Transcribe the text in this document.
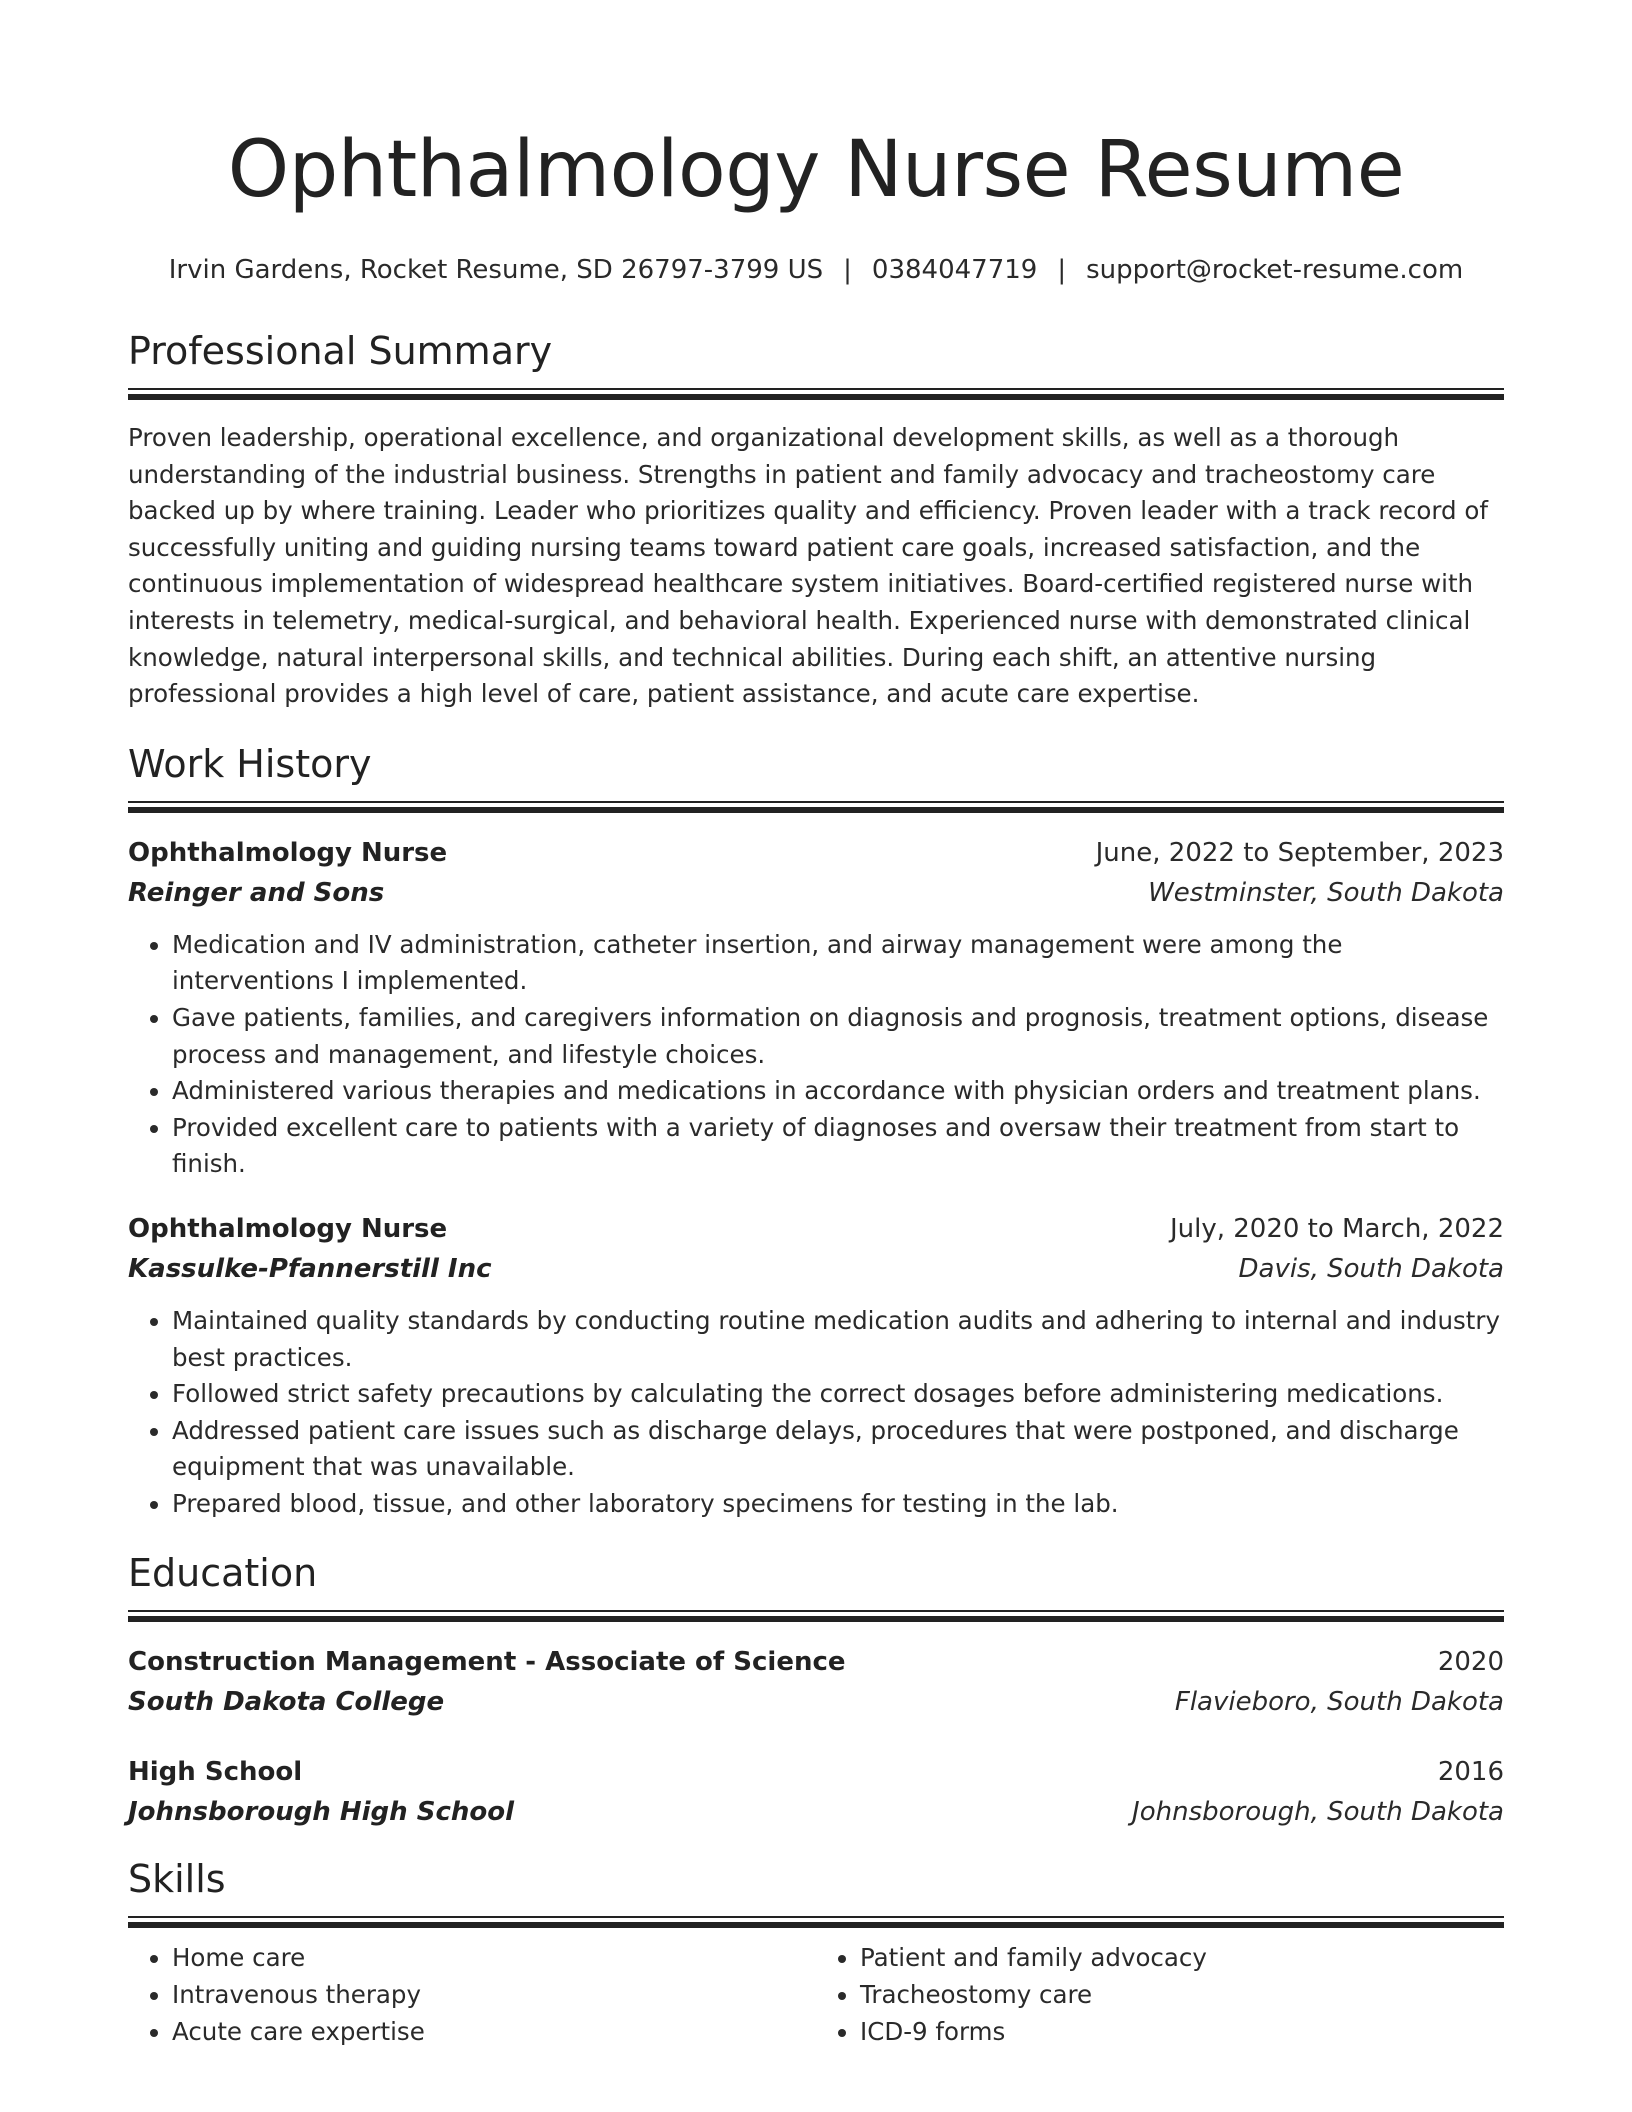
Ophthalmology Nurse Resume
Irvin Gardens, Rocket Resume, SD 26797-3799 US | 0384047719 | support@rocket-resume.com
Professional Summary

Proven leadership, operational excellence, and organizational development skills, as well as a thorough understanding of the industrial business. Strengths in patient and family advocacy and tracheostomy care backed up by where training. Leader who prioritizes quality and efficiency. Proven leader with a track record of successfully uniting and guiding nursing teams toward patient care goals, increased satisfaction, and the continuous implementation of widespread healthcare system initiatives. Board-certified registered nurse with interests in telemetry, medical-surgical, and behavioral health. Experienced nurse with demonstrated clinical knowledge, natural interpersonal skills, and technical abilities. During each shift, an attentive nursing professional provides a high level of care, patient assistance, and acute care expertise.

Work History
Ophthalmology Nurse	June, 2022 to September, 2023
Reinger and Sons	Westminster, South Dakota
• Medication and IV administration, catheter insertion, and airway management were among the interventions I implemented.
• Gave patients, families, and caregivers information on diagnosis and prognosis, treatment options, disease process and management, and lifestyle choices.
• Administered various therapies and medications in accordance with physician orders and treatment plans.
• Provided excellent care to patients with a variety of diagnoses and oversaw their treatment from start to finish.
Ophthalmology Nurse	July, 2020 to March, 2022
Kassulke-Pfannerstill Inc	Davis, South Dakota
• Maintained quality standards by conducting routine medication audits and adhering to internal and industry best practices.
• Followed strict safety precautions by calculating the correct dosages before administering medications.
• Addressed patient care issues such as discharge delays, procedures that were postponed, and discharge equipment that was unavailable.
• Prepared blood, tissue, and other laboratory specimens for testing in the lab.
Education
Construction Management - Associate of Science	2020
South Dakota College	Flavieboro, South Dakota
High School	2016
Johnsborough High School	Johnsborough, South Dakota
Skills
• Home care
• Intravenous therapy
• Acute care expertise
• Patient and family advocacy
• Tracheostomy care
• ICD-9 forms
